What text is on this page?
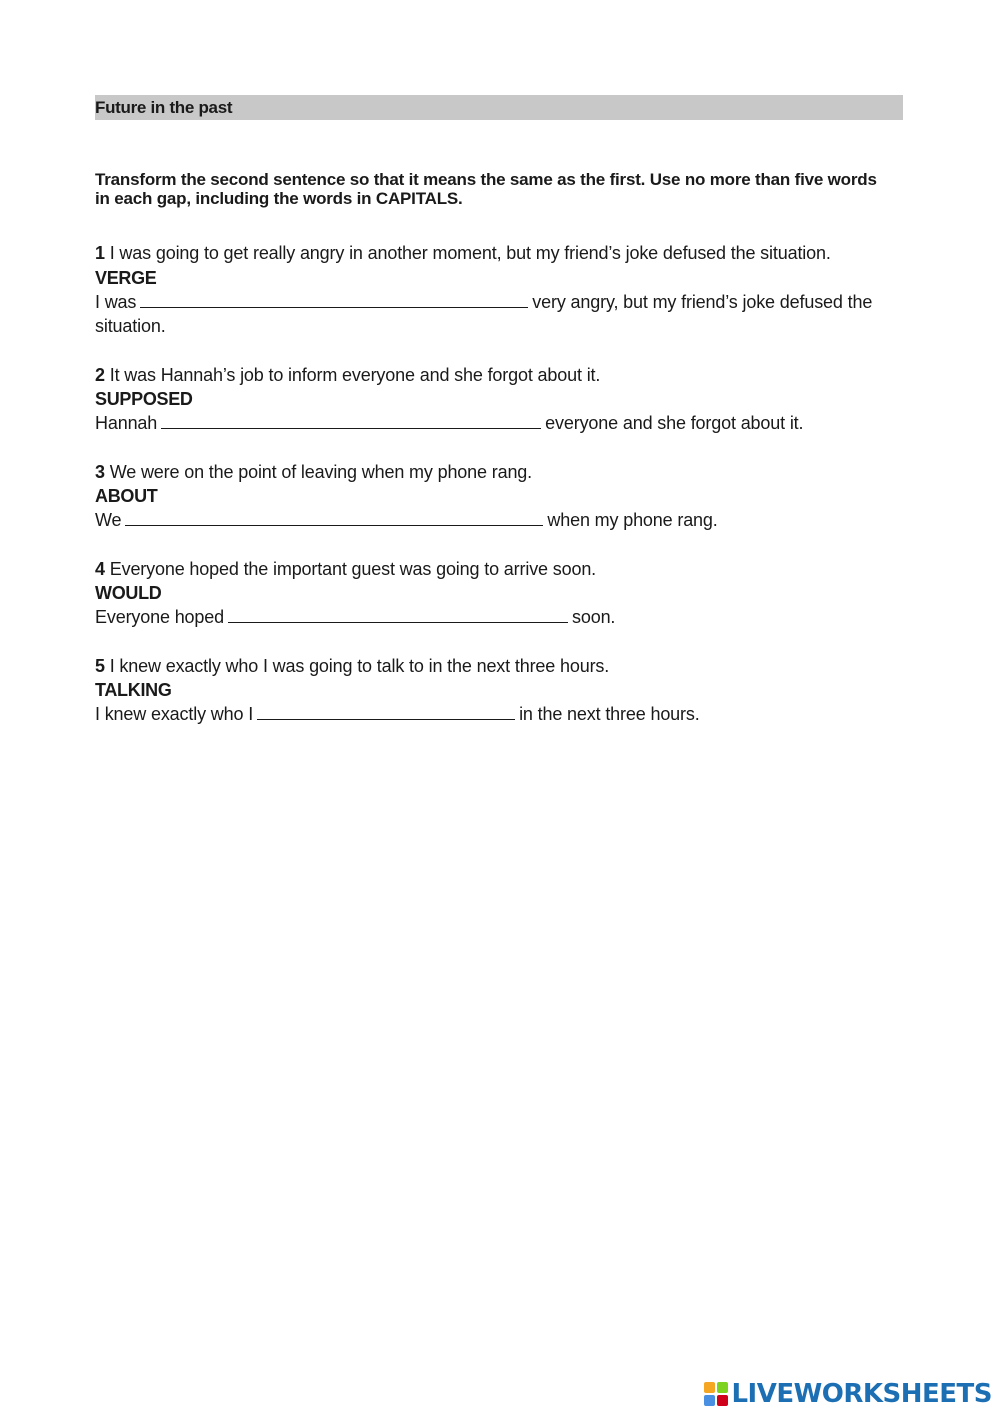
Future in the past
Transform the second sentence so that it means the same as the first. Use no more than five words in each gap, including the words in CAPITALS.
1 I was going to get really angry in another moment, but my friend’s joke defused the situation.
VERGE
I was	very angry, but my friend’s joke defused the situation.
2 It was Hannah’s job to inform everyone and she forgot about it.
SUPPOSED
Hannah	everyone and she forgot about it.
3 We were on the point of leaving when my phone rang.
ABOUT
We	when my phone rang.
4 Everyone hoped the important guest was going to arrive soon.
WOULD
Everyone hoped	soon.
5 I knew exactly who I was going to talk to in the next three hours.
TALKING
I knew exactly who I	in the next three hours.
LIVEWORKSHEETS
